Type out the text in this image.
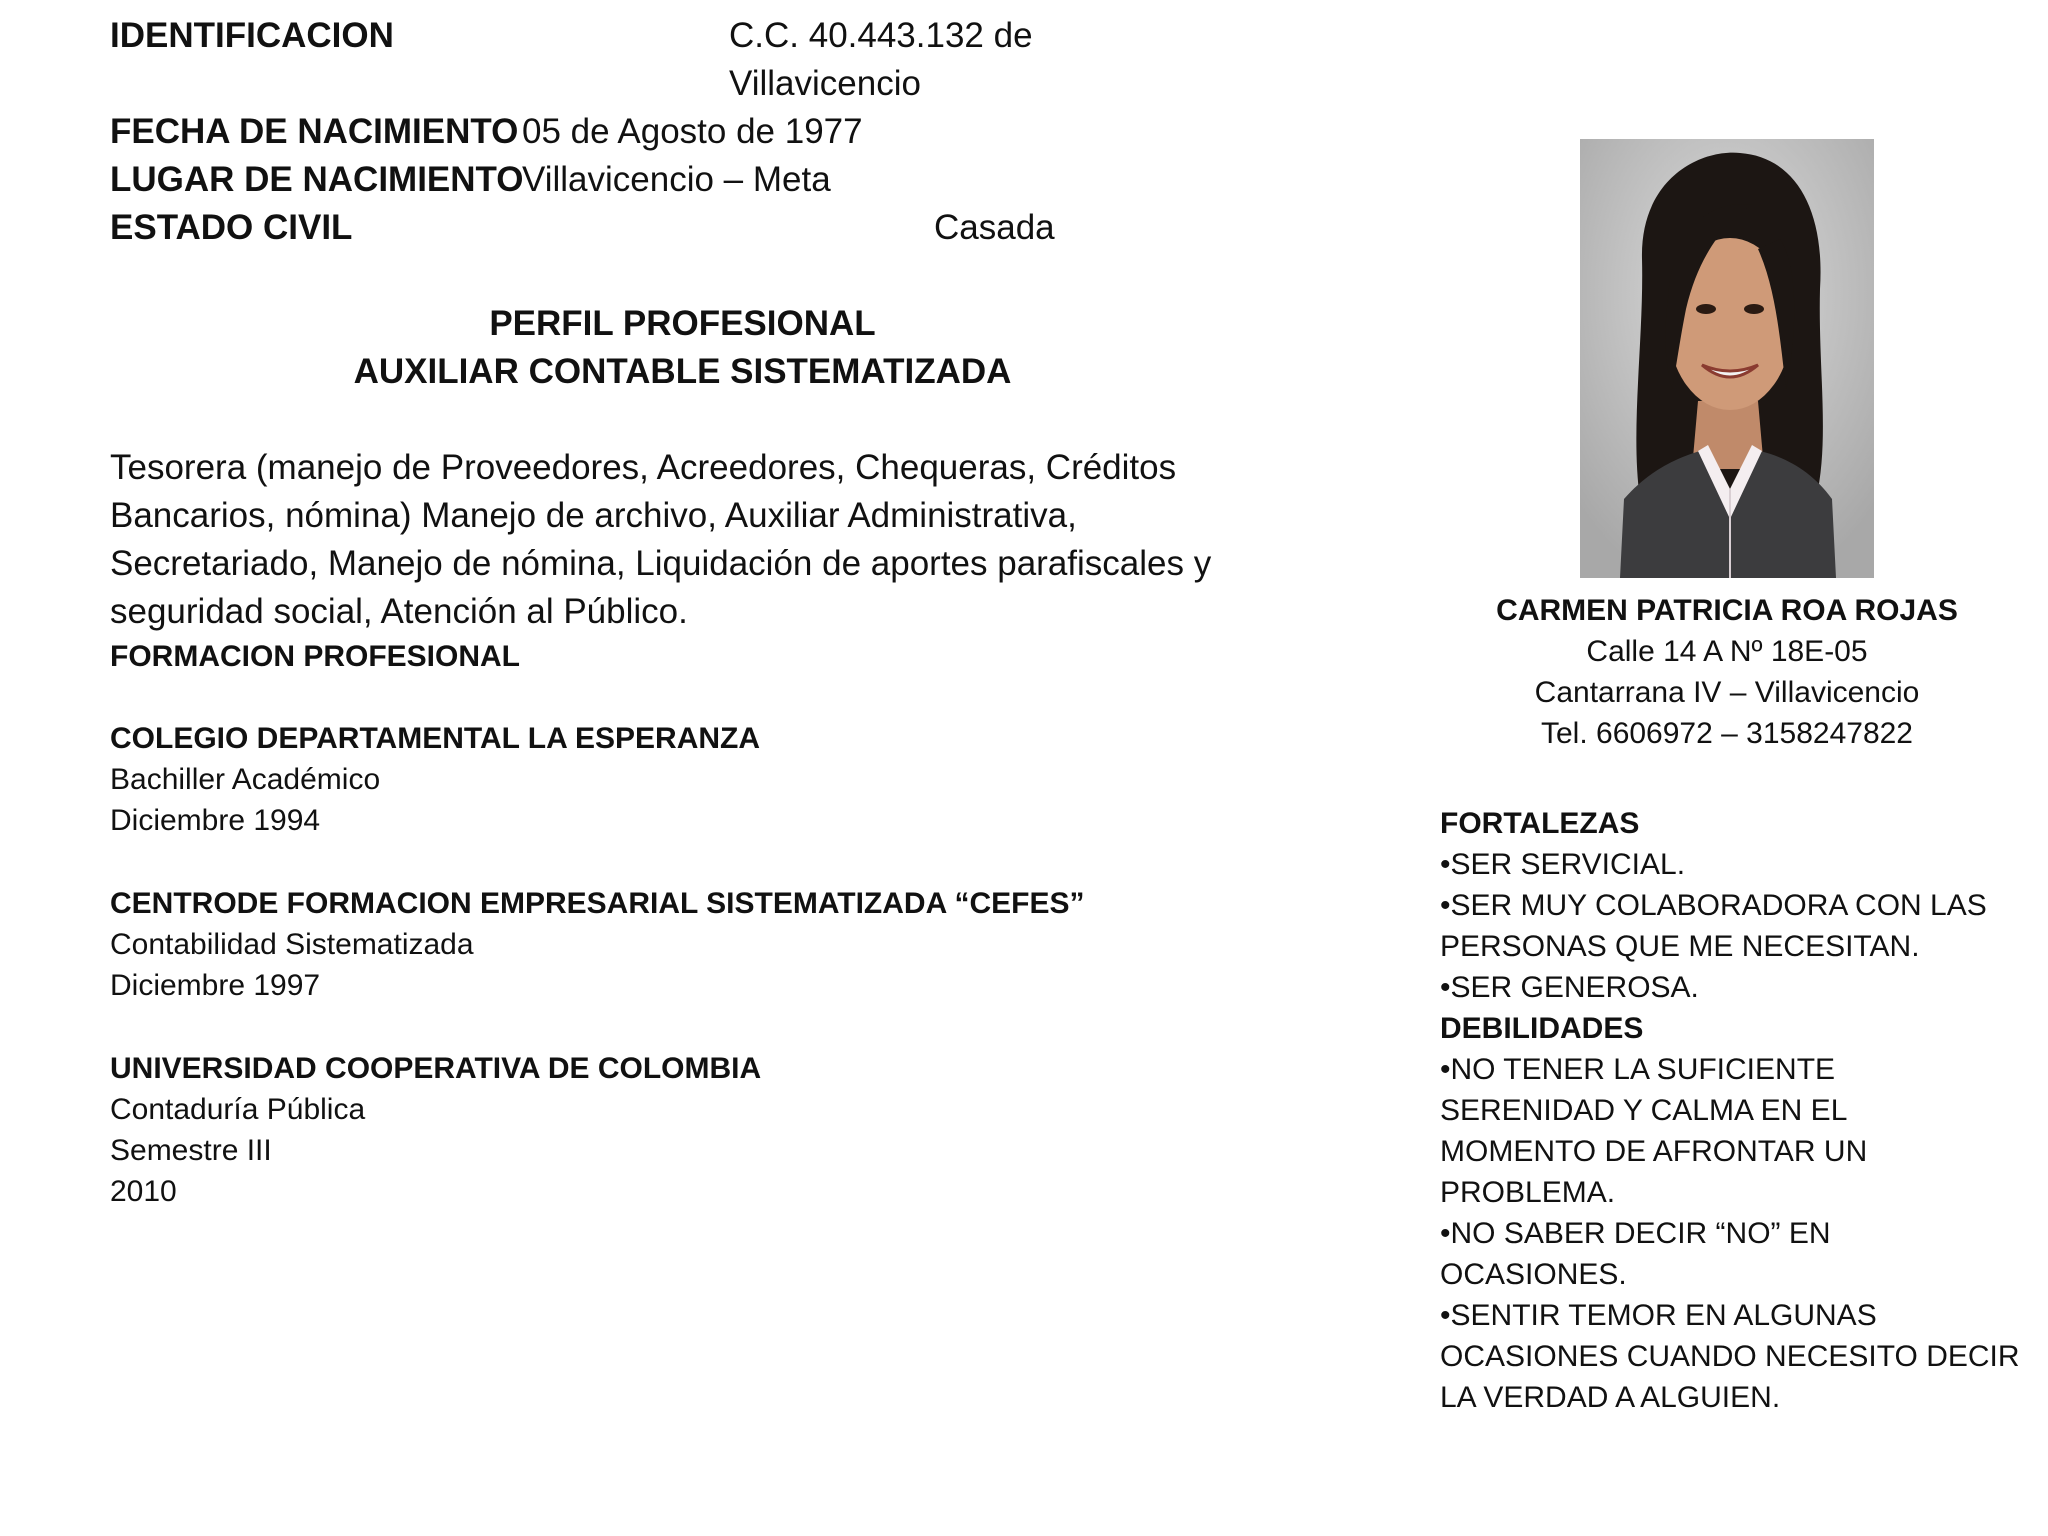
IDENTIFICACION	C.C. 40.443.132 de
Villavicencio
FECHA DE NACIMIENTO 05 de Agosto de 1977
LUGAR DE NACIMIENTO
Villavicencio – Meta
ESTADO CIVIL	Casada
PERFIL PROFESIONAL
AUXILIAR CONTABLE SISTEMATIZADA
Tesorera (manejo de Proveedores, Acreedores, Chequeras, Créditos Bancarios, nómina) Manejo de archivo, Auxiliar Administrativa, Secretariado, Manejo de nómina, Liquidación de aportes parafiscales y seguridad social, Atención al Público.
FORMACION PROFESIONAL
COLEGIO DEPARTAMENTAL LA ESPERANZA
Bachiller Académico
Diciembre 1994
CENTRODE FORMACION EMPRESARIAL SISTEMATIZADA “CEFES”
Contabilidad Sistematizada
Diciembre 1997
UNIVERSIDAD COOPERATIVA DE COLOMBIA
Contaduría Pública
Semestre III
2010
CARMEN PATRICIA ROA ROJAS
Calle 14 A Nº 18E-05
Cantarrana IV – Villavicencio
Tel. 6606972 – 3158247822
FORTALEZAS
•SER SERVICIAL.
•SER MUY COLABORADORA CON LAS
PERSONAS QUE ME NECESITAN.
•SER GENEROSA.
DEBILIDADES
•NO TENER LA SUFICIENTE
SERENIDAD Y CALMA EN EL
MOMENTO DE AFRONTAR UN
PROBLEMA.
•NO SABER DECIR “NO” EN
OCASIONES.
•SENTIR TEMOR EN ALGUNAS
OCASIONES CUANDO NECESITO DECIR
LA VERDAD A ALGUIEN.
